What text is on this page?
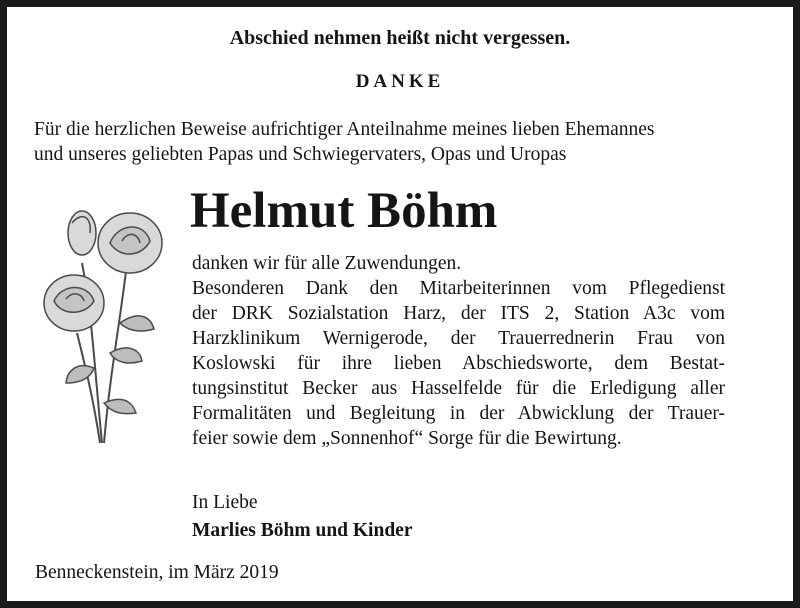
Abschied nehmen heißt nicht vergessen.
DANKE
Für die herzlichen Beweise aufrichtiger Anteilnahme meines lieben Ehemannes
und unseres geliebten Papas und Schwiegervaters, Opas und Uropas
Helmut Böhm
danken wir für alle Zuwendungen.
Besonderen Dank den Mitarbeiterinnen vom Pflegedienst
der DRK Sozialstation Harz, der ITS 2, Station A3c vom
Harzklinikum Wernigerode, der Trauerrednerin Frau von
Koslowski für ihre lieben Abschiedsworte, dem Bestat-
tungsinstitut Becker aus Hasselfelde für die Erledigung aller
Formalitäten und Begleitung in der Abwicklung der Trauer-
feier sowie dem „Sonnenhof“ Sorge für die Bewirtung.
In Liebe
Marlies Böhm und Kinder
Benneckenstein, im März 2019
